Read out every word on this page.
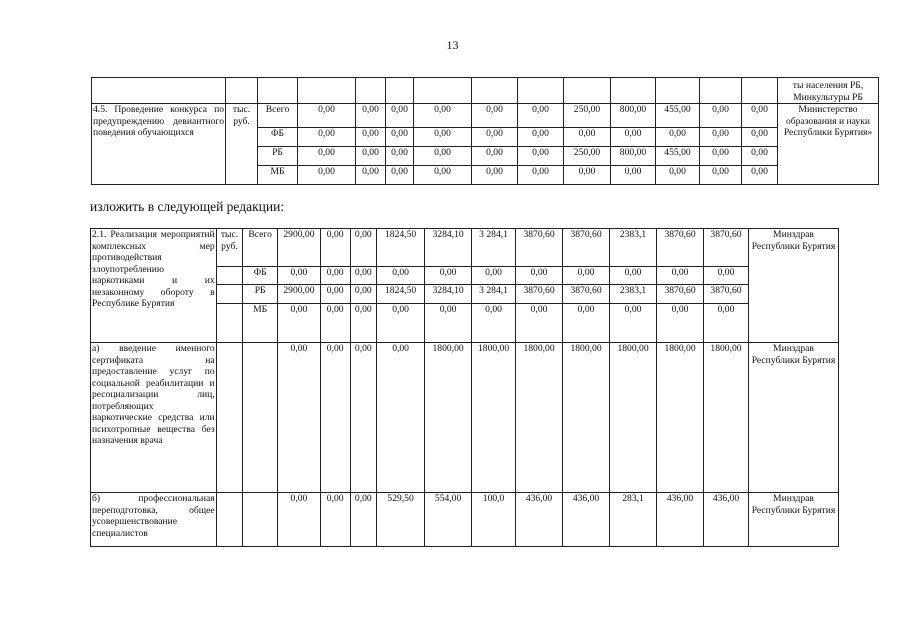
13
														ты населения РБ, Минкультуры РБ
4.5. Проведение конкурса по предупреждению девиантного поведения обучающихся	тыс. руб.	Всего	0,00	0,00	0,00	0,00	0,00	0,00	250,00	800,00	455,00	0,00	0,00	Министерство образования и науки Республики Бурятия»
		ФБ	0,00	0,00	0,00	0,00	0,00	0,00	0,00	0,00	0,00	0,00	0,00	
		РБ	0,00	0,00	0,00	0,00	0,00	0,00	250,00	800,00	455,00	0,00	0,00	
		МБ	0,00	0,00	0,00	0,00	0,00	0,00	0,00	0,00	0,00	0,00	0,00	
изложить в следующей редакции:
2.1. Реализация мероприятий комплексных мер противодействия злоупотреблению наркотиками и их незаконному обороту в Республике Бурятия	тыс. руб.	Всего	2900,00	0,00	0,00	1824,50	3284,10	3 284,1	3870,60	3870,60	2383,1	3870,60	3870,60	Минздрав Республики Бурятия
		ФБ	0,00	0,00	0,00	0,00	0,00	0,00	0,00	0,00	0,00	0,00	0,00	
		РБ	2900,00	0,00	0,00	1824,50	3284,10	3 284,1	3870,60	3870,60	2383,1	3870,60	3870,60	
		МБ	0,00	0,00	0,00	0,00	0,00	0,00	0,00	0,00	0,00	0,00	0,00	
а) введение именного сертификата на предоставление услуг по социальной реабилитации и ресоциализации лиц, потребляющих наркотические средства или психотропные вещества без назначения врача			0,00	0,00	0,00	0,00	1800,00	1800,00	1800,00	1800,00	1800,00	1800,00	1800,00	Минздрав Республики Бурятия
б) профессиональная переподготовка, общее усовершенствование специалистов			0,00	0,00	0,00	529,50	554,00	100,0	436,00	436,00	283,1	436,00	436,00	Минздрав Республики Бурятия
